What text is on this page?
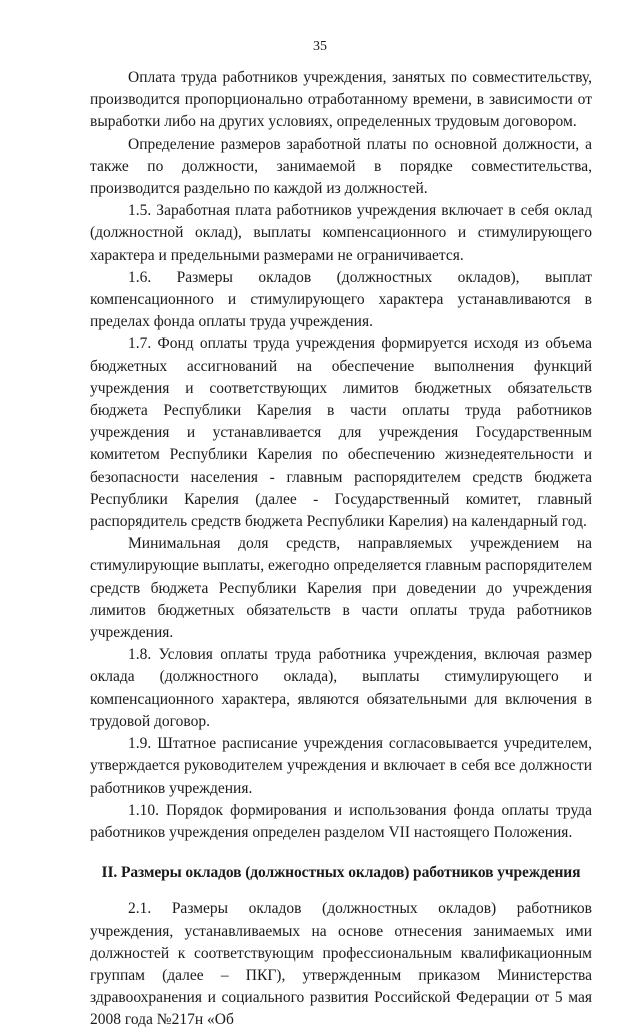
35

Оплата труда работников учреждения, занятых по совместительству, производится пропорционально отработанному времени, в зависимости от выработки либо на других условиях, определенных трудовым договором.

Определение размеров заработной платы по основной должности, а также по должности, занимаемой в порядке совместительства, производится раздельно по каждой из должностей.

1.5. Заработная плата работников учреждения включает в себя оклад (должностной оклад), выплаты компенсационного и стимулирующего характера и предельными размерами не ограничивается.

1.6. Размеры окладов (должностных окладов), выплат компенсационного и стимулирующего характера устанавливаются в пределах фонда оплаты труда учреждения.

1.7. Фонд оплаты труда учреждения формируется исходя из объема бюджетных ассигнований на обеспечение выполнения функций учреждения и соответствующих лимитов бюджетных обязательств бюджета Республики Карелия в части оплаты труда работников учреждения и устанавливается для учреждения Государственным комитетом Республики Карелия по обеспечению жизнедеятельности и безопасности населения - главным распорядителем средств бюджета Республики Карелия (далее - Государственный комитет, главный распорядитель средств бюджета Республики Карелия) на календарный год.

Минимальная доля средств, направляемых учреждением на стимулирующие выплаты, ежегодно определяется главным распорядителем средств бюджета Республики Карелия при доведении до учреждения лимитов бюджетных обязательств в части оплаты труда работников учреждения.

1.8. Условия оплаты труда работника учреждения, включая размер оклада (должностного оклада), выплаты стимулирующего и компенсационного характера, являются обязательными для включения в трудовой договор.

1.9. Штатное расписание учреждения согласовывается учредителем, утверждается руководителем учреждения и включает в себя все должности работников учреждения.

1.10. Порядок формирования и использования фонда оплаты труда работников учреждения определен разделом VII настоящего Положения.

II. Размеры окладов (должностных окладов) работников учреждения

2.1. Размеры окладов (должностных окладов) работников учреждения, устанавливаемых на основе отнесения занимаемых ими должностей к соответствующим профессиональным квалификационным группам (далее – ПКГ), утвержденным приказом Министерства здравоохранения и социального развития Российской Федерации от 5 мая 2008 года №217н «Об
